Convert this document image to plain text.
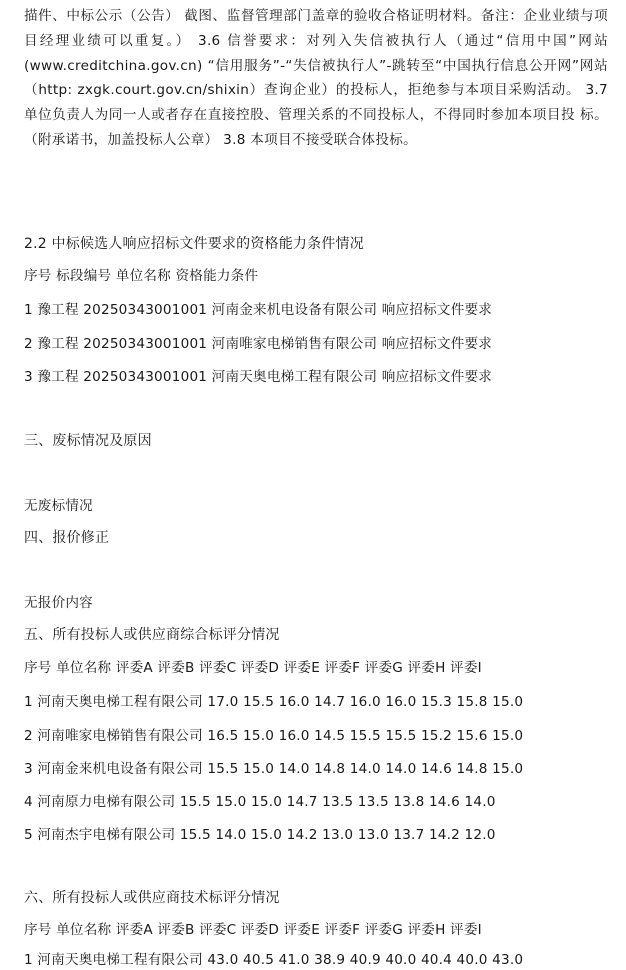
描件、中标公示（公告） 截图、监督管理部门盖章的验收合格证明材料。备注：企业业绩与项目经理业绩可以重复。） 3.6 信誉要求：对列入失信被执行人（通过“信用中国”网站(www.creditchina.gov.cn) “信用服务”-“失信被执行人”-跳转至“中国执行信息公开网”网站（http: zxgk.court.gov.cn/shixin）查询企业）的投标人，拒绝参与本项目采购活动。 3.7 单位负责人为同一人或者存在直接控股、管理关系的不同投标人，不得同时参加本项目投 标。（附承诺书，加盖投标人公章） 3.8 本项目不接受联合体投标。
2.2 中标候选人响应招标文件要求的资格能力条件情况
序号 标段编号 单位名称 资格能力条件
1 豫工程 20250343001001 河南金来机电设备有限公司 响应招标文件要求
2 豫工程 20250343001001 河南唯家电梯销售有限公司 响应招标文件要求
3 豫工程 20250343001001 河南天奥电梯工程有限公司 响应招标文件要求
三、废标情况及原因
无废标情况
四、报价修正
无报价内容
五、所有投标人或供应商综合标评分情况
序号 单位名称 评委A 评委B 评委C 评委D 评委E 评委F 评委G 评委H 评委I
1 河南天奥电梯工程有限公司 17.0 15.5 16.0 14.7 16.0 16.0 15.3 15.8 15.0
2 河南唯家电梯销售有限公司 16.5 15.0 16.0 14.5 15.5 15.5 15.2 15.6 15.0
3 河南金来机电设备有限公司 15.5 15.0 14.0 14.8 14.0 14.0 14.6 14.8 15.0
4 河南原力电梯有限公司 15.5 15.0 15.0 14.7 13.5 13.5 13.8 14.6 14.0
5 河南杰宇电梯有限公司 15.5 14.0 15.0 14.2 13.0 13.0 13.7 14.2 12.0
六、所有投标人或供应商技术标评分情况
序号 单位名称 评委A 评委B 评委C 评委D 评委E 评委F 评委G 评委H 评委I
1 河南天奥电梯工程有限公司 43.0 40.5 41.0 38.9 40.9 40.0 40.4 40.0 43.0
